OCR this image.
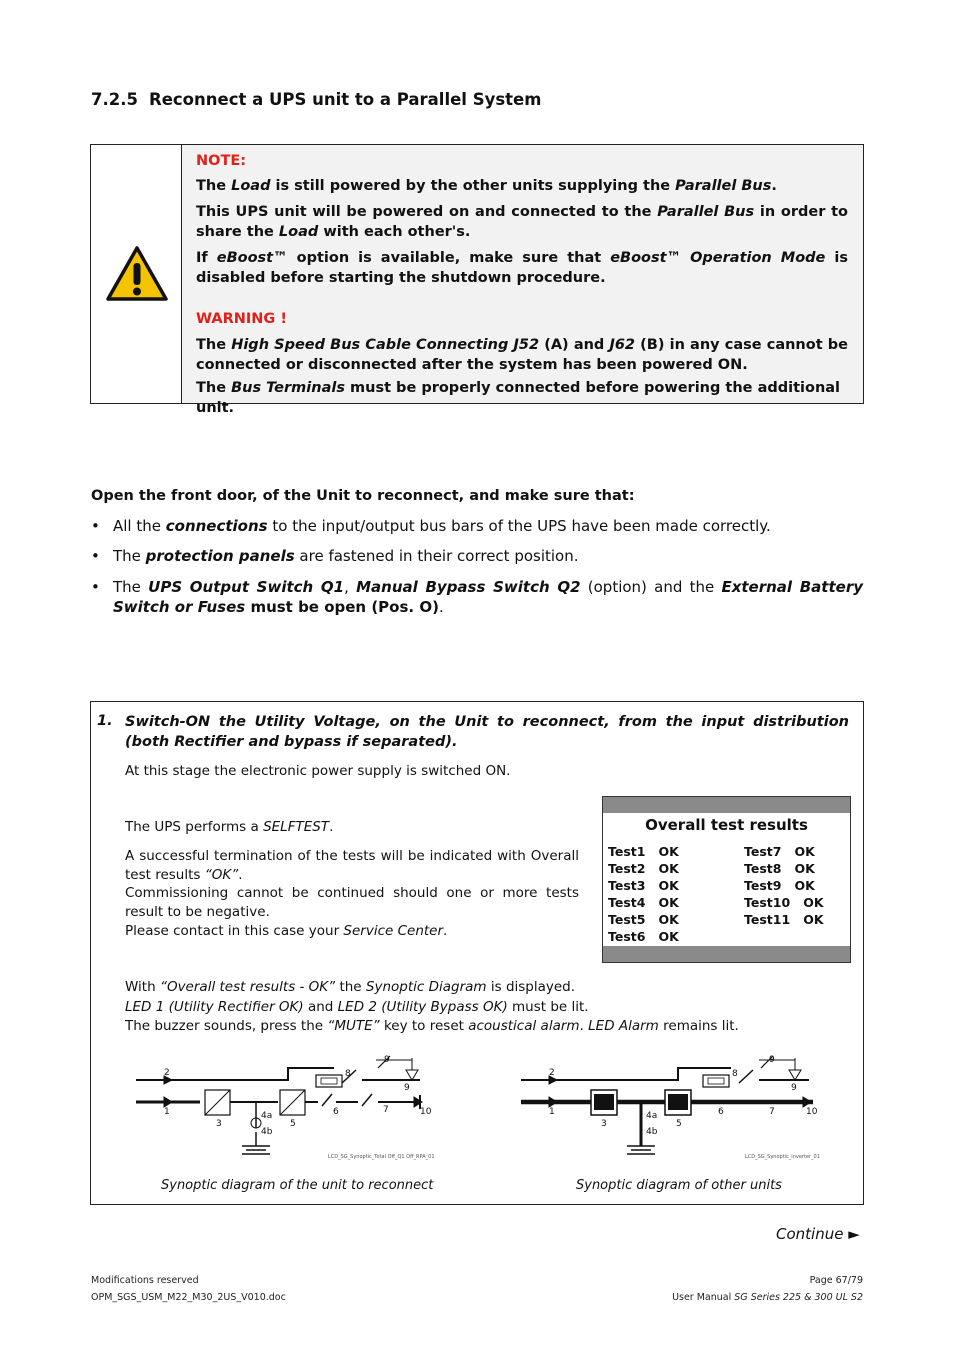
7.2.5 Reconnect a UPS unit to a Parallel System
NOTE:
The Load is still powered by the other units supplying the Parallel Bus.
This UPS unit will be powered on and connected to the Parallel Bus in order to share the Load with each other's.
If eBoost™ option is available, make sure that eBoost™ Operation Mode is disabled before starting the shutdown procedure.
WARNING !
The High Speed Bus Cable Connecting J52 (A) and J62 (B) in any case cannot be connected or disconnected after the system has been powered ON.
The Bus Terminals must be properly connected before powering the additional unit.
Open the front door, of the Unit to reconnect, and make sure that:
• All the connections to the input/output bus bars of the UPS have been made correctly.
• The protection panels are fastened in their correct position.
• The UPS Output Switch Q1, Manual Bypass Switch Q2 (option) and the External Battery Switch or Fuses must be open (Pos. O).
1. Switch-ON the Utility Voltage, on the Unit to reconnect, from the input distribution (both Rectifier and bypass if separated).
At this stage the electronic power supply is switched ON.
The UPS performs a SELFTEST.
A successful termination of the tests will be indicated with Overall test results “OK”.
Commissioning cannot be continued should one or more tests result to be negative.
Please contact in this case your Service Center.
With “Overall test results - OK” the Synoptic Diagram is displayed.
LED 1 (Utility Rectifier OK) and LED 2 (Utility Bypass OK) must be lit.
The buzzer sounds, press the “MUTE” key to reset acoustical alarm. LED Alarm remains lit.
Synoptic diagram of the unit to reconnect	Synoptic diagram of other units
Overall test results
Test1 OK
Test2 OK
Test3 OK
Test4 OK
Test5 OK
Test6 OK
Test7 OK
Test8 OK
Test9 OK
Test10 OK
Test11 OK
2
1
3
4a
4b
5
6	7
8
9
9
10
LCD_SG_Synoptic_Total Off_Q1 Off_RPA_01
2
1
3
4a
4b
5
6	7
8
9
9
10
LCD_SG_Synoptic_inverter_01
Continue ►
Modifications reserved
OPM_SGS_USM_M22_M30_2US_V010.doc
Page 67/79
User Manual SG Series 225 & 300 UL S2
